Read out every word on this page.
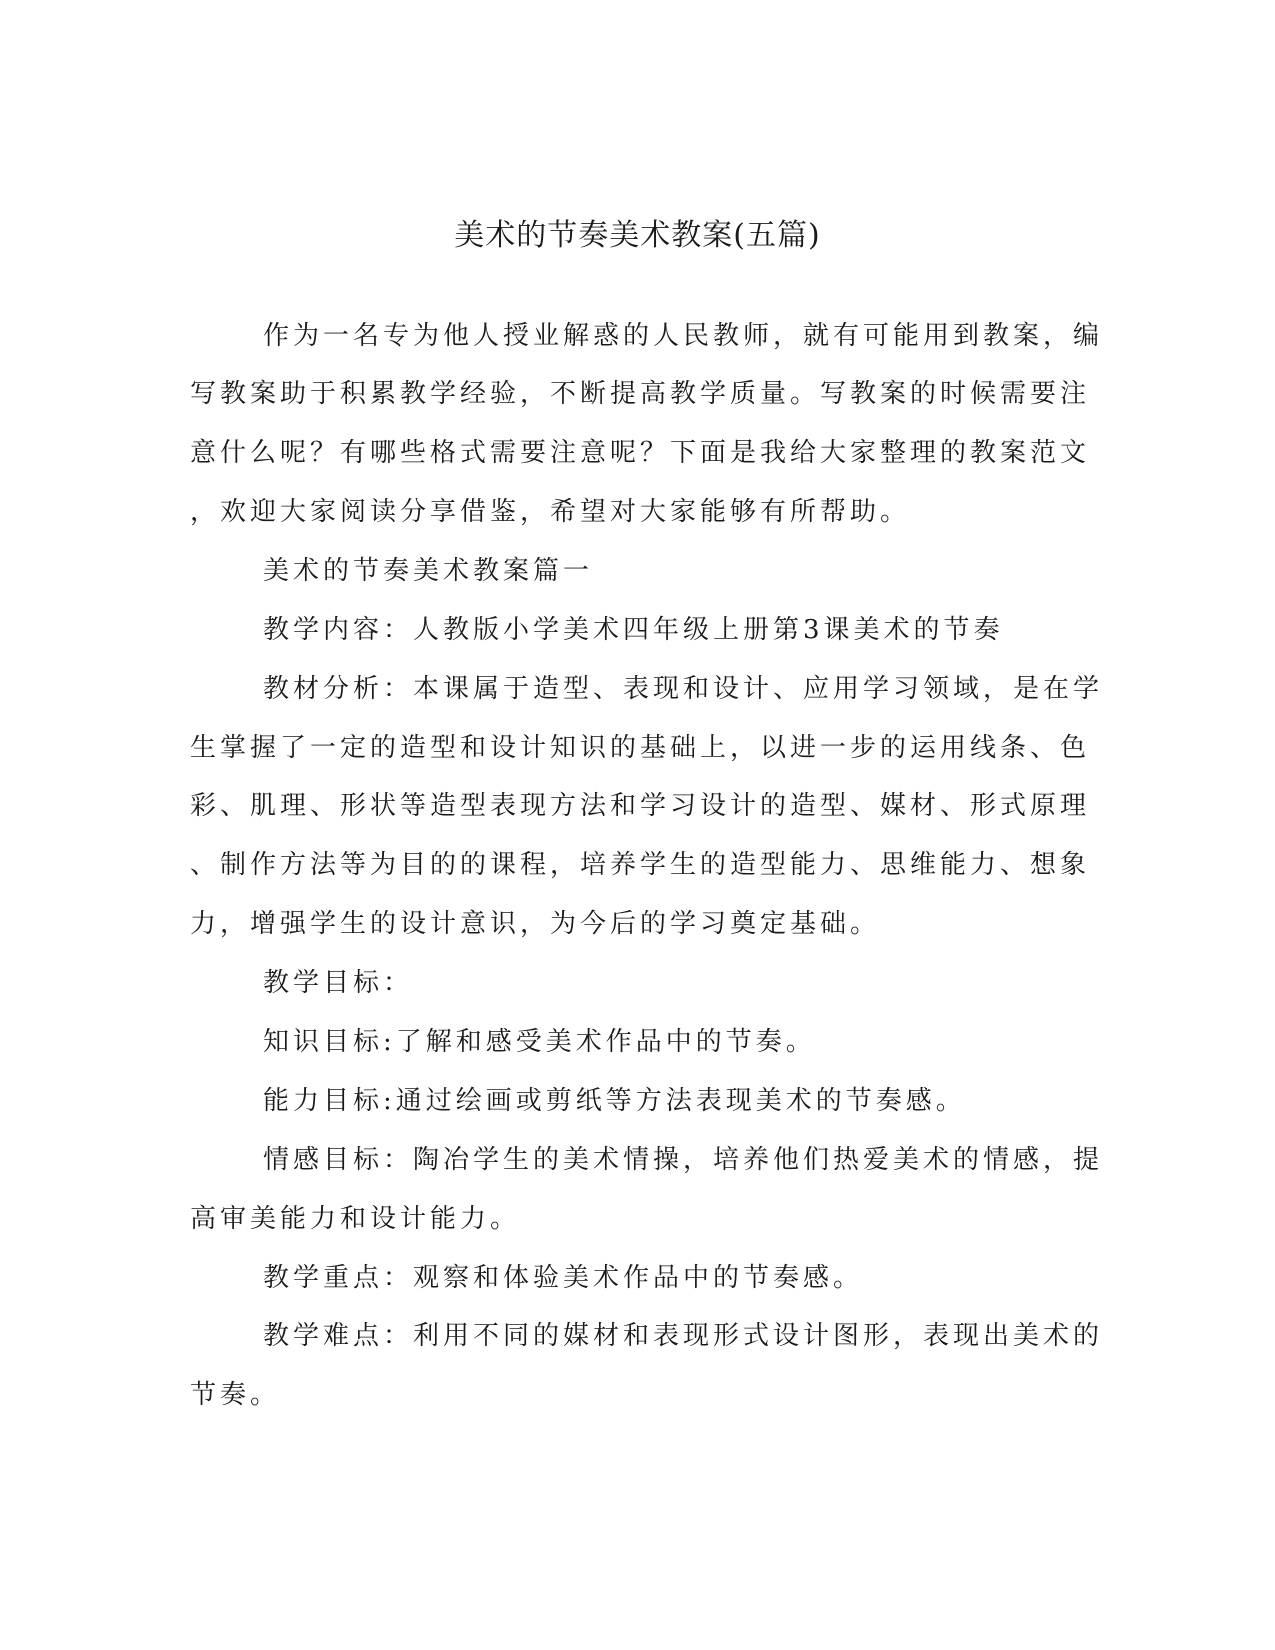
美术的节奏美术教案(五篇)

作为一名专为他人授业解惑的人民教师，就有可能用到教案，编

写教案助于积累教学经验，不断提高教学质量。写教案的时候需要注

意什么呢？有哪些格式需要注意呢？下面是我给大家整理的教案范文

，欢迎大家阅读分享借鉴，希望对大家能够有所帮助。

美术的节奏美术教案篇一

教学内容：人教版小学美术四年级上册第3课美术的节奏

教材分析：本课属于造型、表现和设计、应用学习领域，是在学

生掌握了一定的造型和设计知识的基础上，以进一步的运用线条、色

彩、肌理、形状等造型表现方法和学习设计的造型、媒材、形式原理

、制作方法等为目的的课程，培养学生的造型能力、思维能力、想象

力，增强学生的设计意识，为今后的学习奠定基础。

教学目标：

知识目标:了解和感受美术作品中的节奏。

能力目标:通过绘画或剪纸等方法表现美术的节奏感。

情感目标：陶冶学生的美术情操，培养他们热爱美术的情感，提

高审美能力和设计能力。

教学重点：观察和体验美术作品中的节奏感。

教学难点：利用不同的媒材和表现形式设计图形，表现出美术的

节奏。
